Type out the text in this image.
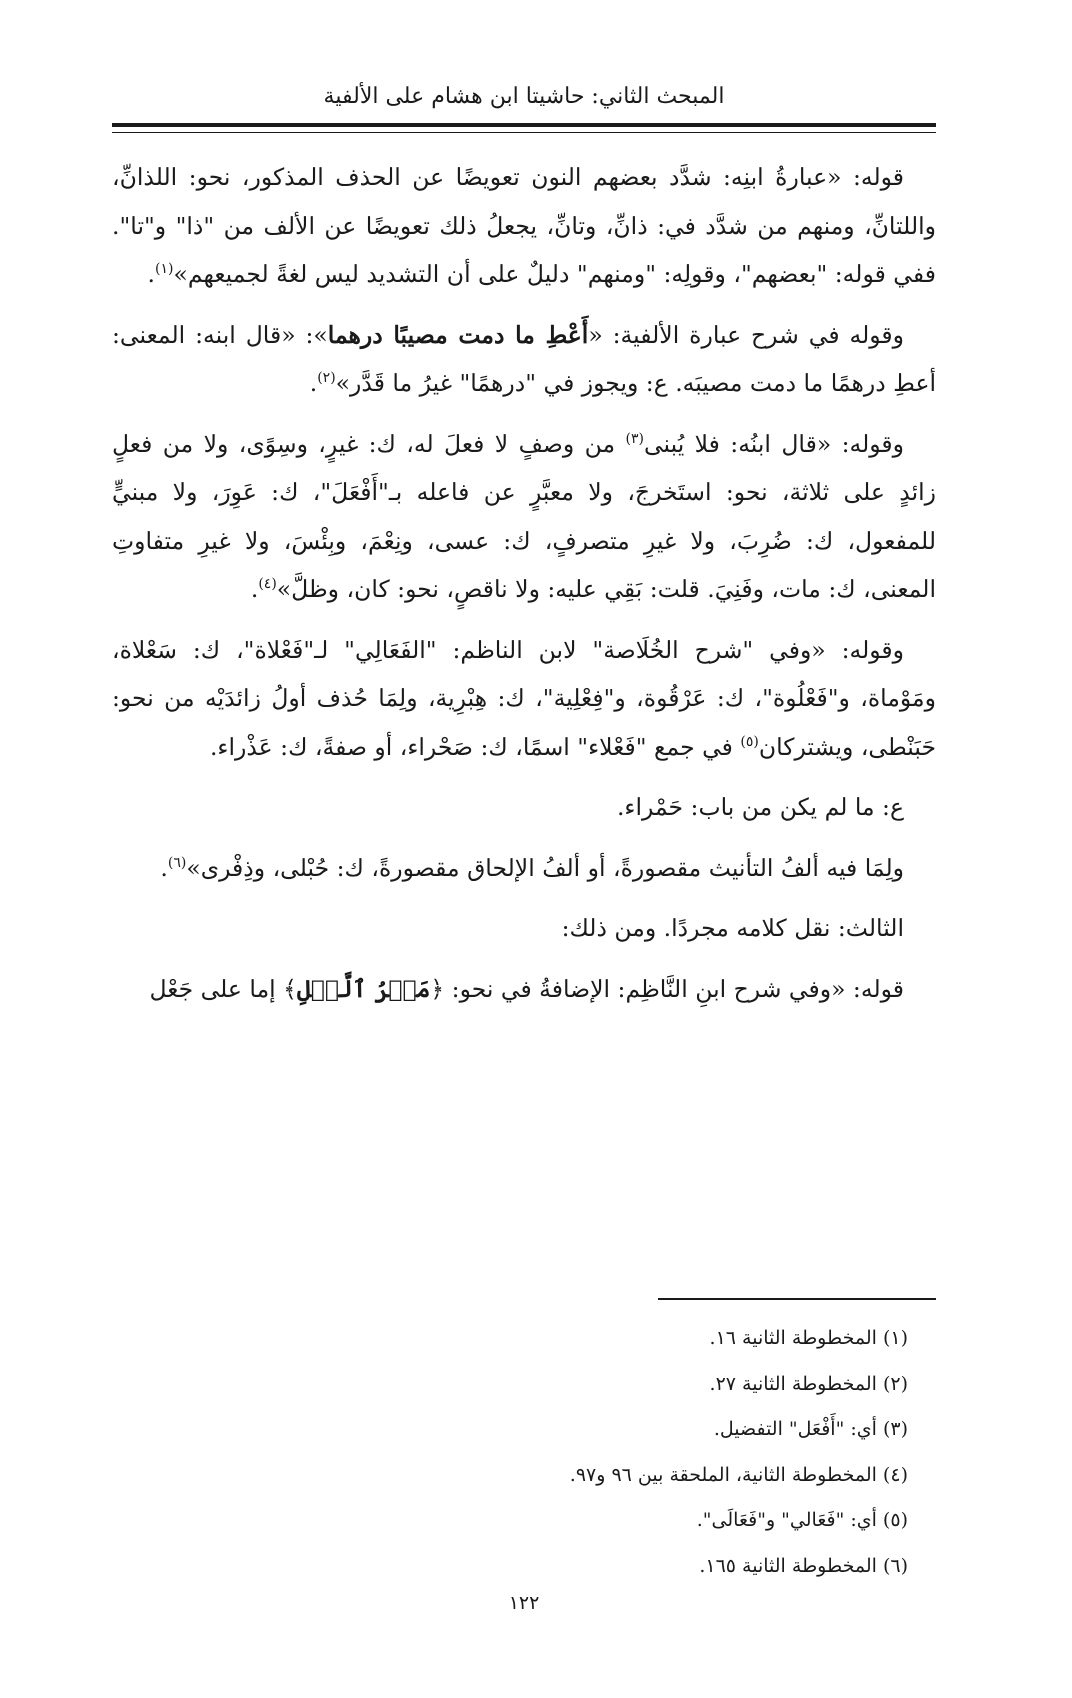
المبحث الثاني: حاشيتا ابن هشام على الألفية

قوله: «عبارةُ ابنِه: شدَّد بعضهم النون تعويضًا عن الحذف المذكور، نحو: اللذانِّ، واللتانِّ، ومنهم من شدَّد في: ذانِّ، وتانِّ، يجعلُ ذلك تعويضًا عن الألف من "ذا" و"تا". ففي قوله: "بعضهم"، وقولِه: "ومنهم" دليلٌ على أن التشديد ليس لغةً لجميعهم»$^{(١)}$.

وقوله في شرح عبارة الألفية: «أَعْطِ ما دمت مصيبًا درهما»: «قال ابنه: المعنى: أعطِ درهمًا ما دمت مصيبَه. ع: ويجوز في "درهمًا" غيرُ ما قَدَّر»$^{(٢)}$.

وقوله: «قال ابنُه: فلا يُبنى$^{(٣)}$ من وصفٍ لا فعلَ له، ك: غيرٍ، وسِوًى، ولا من فعلٍ زائدٍ على ثلاثة، نحو: استَخرجَ، ولا معبَّرٍ عن فاعله بـ"أَفْعَلَ"، ك: عَوِرَ، ولا مبنيٍّ للمفعول، ك: ضُرِبَ، ولا غيرِ متصرفٍ، ك: عسى، ونِعْمَ، وبِئْسَ، ولا غيرِ متفاوتِ المعنى، ك: مات، وفَنِيَ. قلت: بَقِي عليه: ولا ناقصٍ، نحو: كان، وظلَّ»$^{(٤)}$.

وقوله: «وفي "شرح الخُلَاصة" لابن الناظم: "الفَعَالِي" لـ"فَعْلاة"، ك: سَعْلاة، ومَوْماة، و"فَعْلُوة"، ك: عَرْقُوة، و"فِعْلِية"، ك: هِبْرِية، ولِمَا حُذف أولُ زائدَيْه من نحو: حَبَنْطى، ويشتركان$^{(٥)}$ في جمع "فَعْلاء" اسمًا، ك: صَحْراء، أو صفةً، ك: عَذْراء.

ع: ما لم يكن من باب: حَمْراء.

ولِمَا فيه ألفُ التأنيث مقصورةً، أو ألفُ الإلحاق مقصورةً، ك: حُبْلى، وذِفْرى»$^{(٦)}$.

الثالث: نقل كلامه مجردًا. ومن ذلك:

قوله: «وفي شرح ابنِ النَّاظِم: الإضافةُ في نحو: ﴿مَكۡرُ ٱلَّيۡلِ﴾ إما على جَعْل

(١) المخطوطة الثانية ١٦.
(٢) المخطوطة الثانية ٢٧.
(٣) أي: "أَفْعَل" التفضيل.
(٤) المخطوطة الثانية، الملحقة بين ٩٦ و٩٧.
(٥) أي: "فَعَالي" و"فَعَالَى".
(٦) المخطوطة الثانية ١٦٥.
١٢٢
